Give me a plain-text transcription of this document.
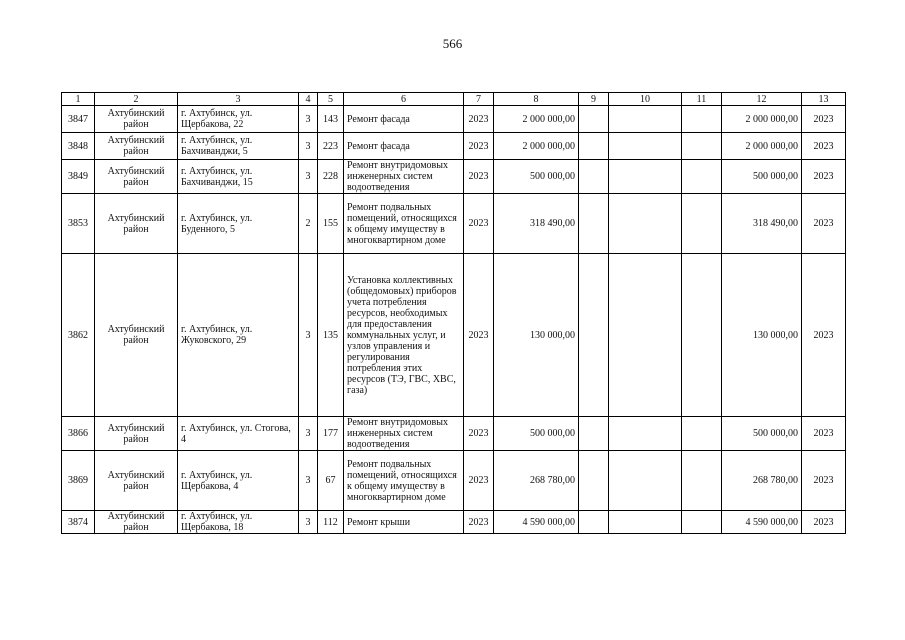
566
1	2	3	4	5	6	7	8	9	10	11	12	13
3847	Ахтубинский район	г. Ахтубинск, ул. Щербакова, 22	3	143	Ремонт фасада	2023	2 000 000,00				2 000 000,00	2023
3848	Ахтубинский район	г. Ахтубинск, ул. Бахчиванджи, 5	3	223	Ремонт фасада	2023	2 000 000,00				2 000 000,00	2023
3849	Ахтубинский район	г. Ахтубинск, ул. Бахчиванджи, 15	3	228	Ремонт внутридомовых инженерных систем водоотведения	2023	500 000,00				500 000,00	2023
3853	Ахтубинский район	г. Ахтубинск, ул. Буденного, 5	2	155	Ремонт подвальных помещений, относящихся к общему имуществу в многоквартирном доме	2023	318 490,00				318 490,00	2023
3862	Ахтубинский район	г. Ахтубинск, ул. Жуковского, 29	3	135	Установка коллективных (общедомовых) приборов учета потребления ресурсов, необходимых для предоставления коммунальных услуг, и узлов управления и регулирования потребления этих ресурсов (ТЭ, ГВС, ХВС, газа)	2023	130 000,00				130 000,00	2023
3866	Ахтубинский район	г. Ахтубинск, ул. Стогова, 4	3	177	Ремонт внутридомовых инженерных систем водоотведения	2023	500 000,00				500 000,00	2023
3869	Ахтубинский район	г. Ахтубинск, ул. Щербакова, 4	3	67	Ремонт подвальных помещений, относящихся к общему имуществу в многоквартирном доме	2023	268 780,00				268 780,00	2023
3874	Ахтубинский район	г. Ахтубинск, ул. Щербакова, 18	3	112	Ремонт крыши	2023	4 590 000,00				4 590 000,00	2023
